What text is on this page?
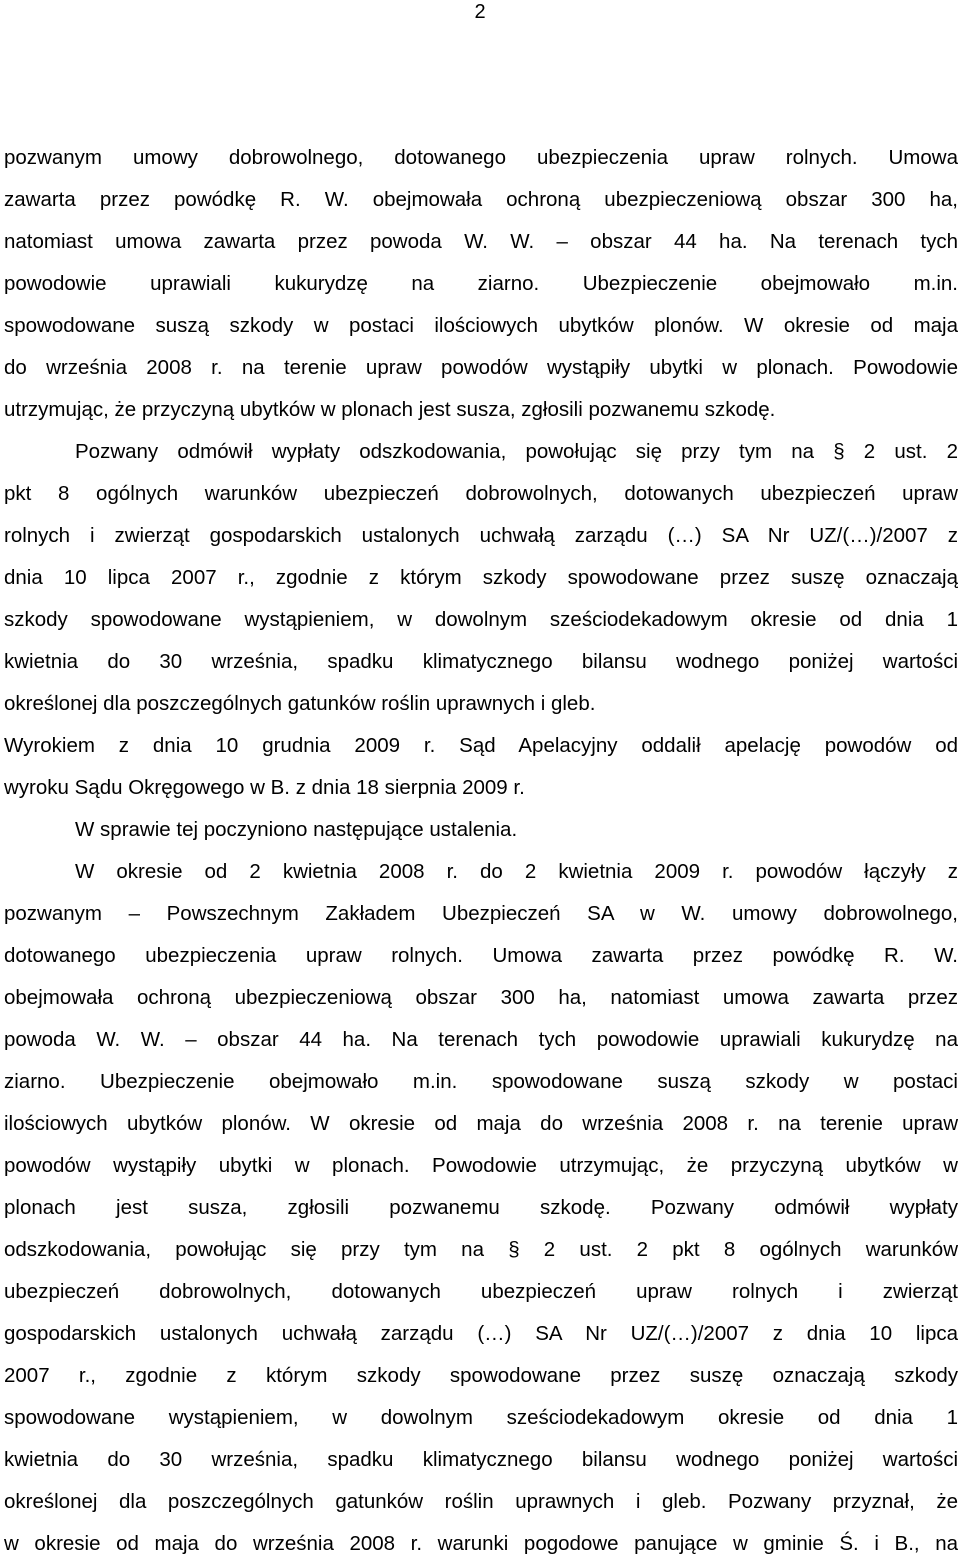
2
pozwanym umowy dobrowolnego, dotowanego ubezpieczenia upraw rolnych. Umowa
zawarta przez powódkę R. W. obejmowała ochroną ubezpieczeniową obszar 300 ha,
natomiast umowa zawarta przez powoda W. W. – obszar 44 ha. Na terenach tych
powodowie uprawiali kukurydzę na ziarno. Ubezpieczenie obejmowało m.in.
spowodowane suszą szkody w postaci ilościowych ubytków plonów. W okresie od maja
do września 2008 r. na terenie upraw powodów wystąpiły ubytki w plonach. Powodowie
utrzymując, że przyczyną ubytków w plonach jest susza, zgłosili pozwanemu szkodę.
Pozwany odmówił wypłaty odszkodowania, powołując się przy tym na § 2 ust. 2
pkt 8 ogólnych warunków ubezpieczeń dobrowolnych, dotowanych ubezpieczeń upraw
rolnych i zwierząt gospodarskich ustalonych uchwałą zarządu (…) SA Nr UZ/(…)/2007 z
dnia 10 lipca 2007 r., zgodnie z którym szkody spowodowane przez suszę oznaczają
szkody spowodowane wystąpieniem, w dowolnym sześciodekadowym okresie od dnia 1
kwietnia do 30 września, spadku klimatycznego bilansu wodnego poniżej wartości
określonej dla poszczególnych gatunków roślin uprawnych i gleb.
Wyrokiem z dnia 10 grudnia 2009 r. Sąd Apelacyjny oddalił apelację powodów od
wyroku Sądu Okręgowego w B. z dnia 18 sierpnia 2009 r.
W sprawie tej poczyniono następujące ustalenia.
W okresie od 2 kwietnia 2008 r. do 2 kwietnia 2009 r. powodów łączyły z
pozwanym – Powszechnym Zakładem Ubezpieczeń SA w W. umowy dobrowolnego,
dotowanego ubezpieczenia upraw rolnych. Umowa zawarta przez powódkę R. W.
obejmowała ochroną ubezpieczeniową obszar 300 ha, natomiast umowa zawarta przez
powoda W. W. – obszar 44 ha. Na terenach tych powodowie uprawiali kukurydzę na
ziarno. Ubezpieczenie obejmowało m.in. spowodowane suszą szkody w postaci
ilościowych ubytków plonów. W okresie od maja do września 2008 r. na terenie upraw
powodów wystąpiły ubytki w plonach. Powodowie utrzymując, że przyczyną ubytków w
plonach jest susza, zgłosili pozwanemu szkodę. Pozwany odmówił wypłaty
odszkodowania, powołując się przy tym na § 2 ust. 2 pkt 8 ogólnych warunków
ubezpieczeń dobrowolnych, dotowanych ubezpieczeń upraw rolnych i zwierząt
gospodarskich ustalonych uchwałą zarządu (…) SA Nr UZ/(…)/2007 z dnia 10 lipca
2007 r., zgodnie z którym szkody spowodowane przez suszę oznaczają szkody
spowodowane wystąpieniem, w dowolnym sześciodekadowym okresie od dnia 1
kwietnia do 30 września, spadku klimatycznego bilansu wodnego poniżej wartości
określonej dla poszczególnych gatunków roślin uprawnych i gleb. Pozwany przyznał, że
w okresie od maja do września 2008 r. warunki pogodowe panujące w gminie Ś. i B., na
